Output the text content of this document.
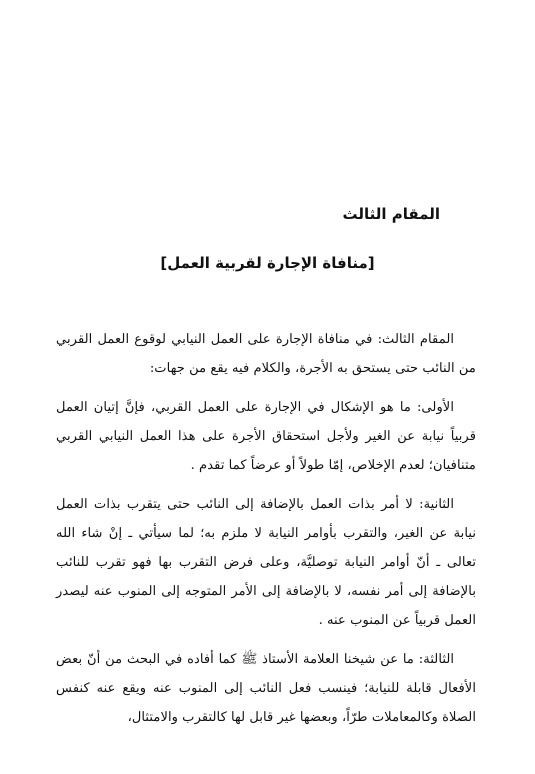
المقام الثالث
[منافاة الإجارة لقربية العمل]

المقام الثالث: في منافاة الإجارة على العمل النيابي لوقوع العمل القربي من النائب حتى يستحق به الأجرة، والكلام فيه يقع من جهات:

الأولى: ما هو الإشكال في الإجارة على العمل القربي، فإنَّ إتيان العمل قربياً نيابة عن الغير ولأجل استحقاق الأجرة على هذا العمل النيابي القربي متنافيان؛ لعدم الإخلاص، إمّا طولاً أو عرضاً كما تقدم .

الثانية: لا أمر بذات العمل بالإضافة إلى النائب حتى يتقرب بذات العمل نيابة عن الغير، والتقرب بأوامر النيابة لا ملزم به؛ لما سيأتي ـ إنْ شاء الله تعالى ـ أنّ أوامر النيابة توصليَّة، وعلى فرض التقرب بها فهو تقرب للنائب بالإضافة إلى أمر نفسه، لا بالإضافة إلى الأمر المتوجه إلى المنوب عنه ليصدر العمل قربياً عن المنوب عنه .

الثالثة: ما عن شيخنا العلامة الأستاذ ﷺ كما أفاده في البحث من أنّ بعض الأفعال قابلة للنيابة؛ فينسب فعل النائب إلى المنوب عنه ويقع عنه كنفس الصلاة وكالمعاملات طرّاً، وبعضها غير قابل لها كالتقرب والامتثال،
